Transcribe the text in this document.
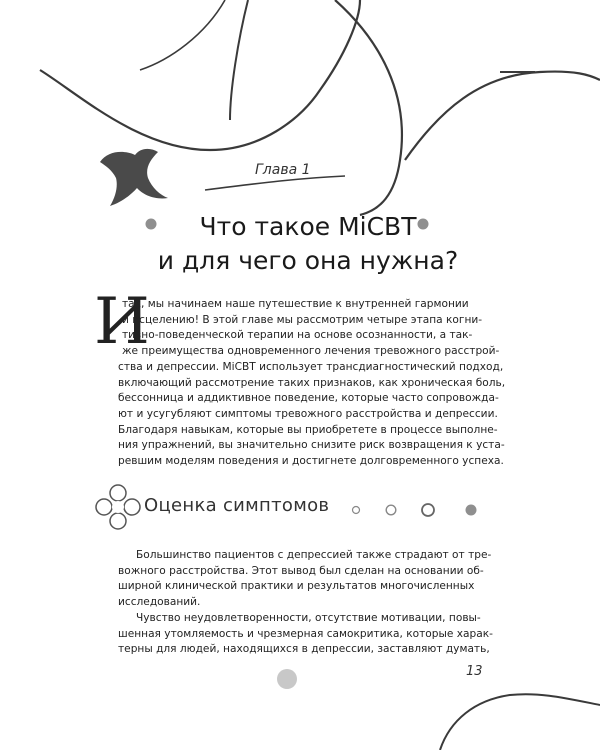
Глава 1
Что такое MiCBT
и для чего она нужна?
И
так, мы начинаем наше путешествие к внутренней гармонии
и исцелению! В этой главе мы рассмотрим четыре этапа когни-
тивно-поведенческой терапии на основе осознанности, а так-
же преимущества одновременного лечения тревожного расстрой-
ства и депрессии. MiCBT использует трансдиагностический подход,
включающий рассмотрение таких признаков, как хроническая боль,
бессонница и аддиктивное поведение, которые часто сопровожда-
ют и усугубляют симптомы тревожного расстройства и депрессии.
Благодаря навыкам, которые вы приобретете в процессе выполне-
ния упражнений, вы значительно снизите риск возвращения к уста-
ревшим моделям поведения и достигнете долговременного успеха.
Оценка симптомов
Большинство пациентов с депрессией также страдают от тре-
вожного расстройства. Этот вывод был сделан на основании об-
ширной клинической практики и результатов многочисленных
исследований.
Чувство неудовлетворенности, отсутствие мотивации, повы-
шенная утомляемость и чрезмерная самокритика, которые харак-
терны для людей, находящихся в депрессии, заставляют думать,
13
